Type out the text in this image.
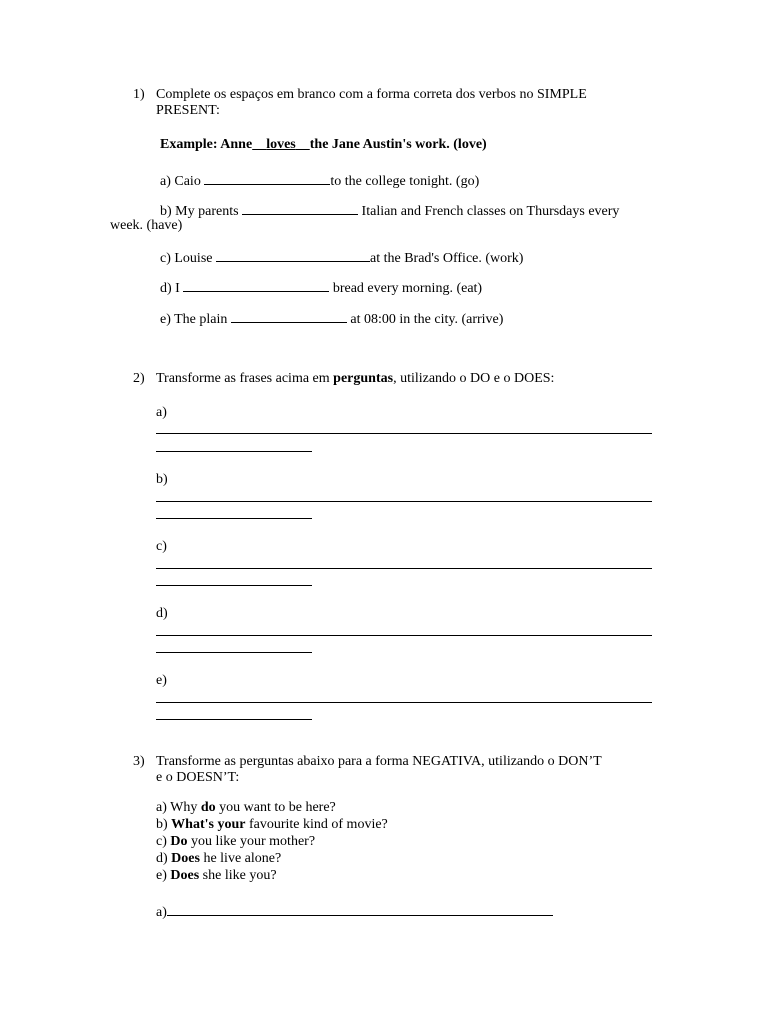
1) Complete os espaços em branco com a forma correta dos verbos no SIMPLE
PRESENT:
Example: Anne loves the Jane Austin's work. (love)
a) Caio	to the college tonight. (go)
b) My parents	Italian and French classes on Thursdays every
week. (have)
c) Louise	at the Brad's Office. (work)
d) I	bread every morning. (eat)
e) The plain	at 08:00 in the city. (arrive)
2) Transforme as frases acima em perguntas, utilizando o DO e o DOES:
a)
b)
c)
d)
e)
3) Transforme as perguntas abaixo para a forma NEGATIVA, utilizando o DON’T
e o DOESN’T:
a) Why do you want to be here?
b) What's your favourite kind of movie?
c) Do you like your mother?
d) Does he live alone?
e) Does she like you?
a)
